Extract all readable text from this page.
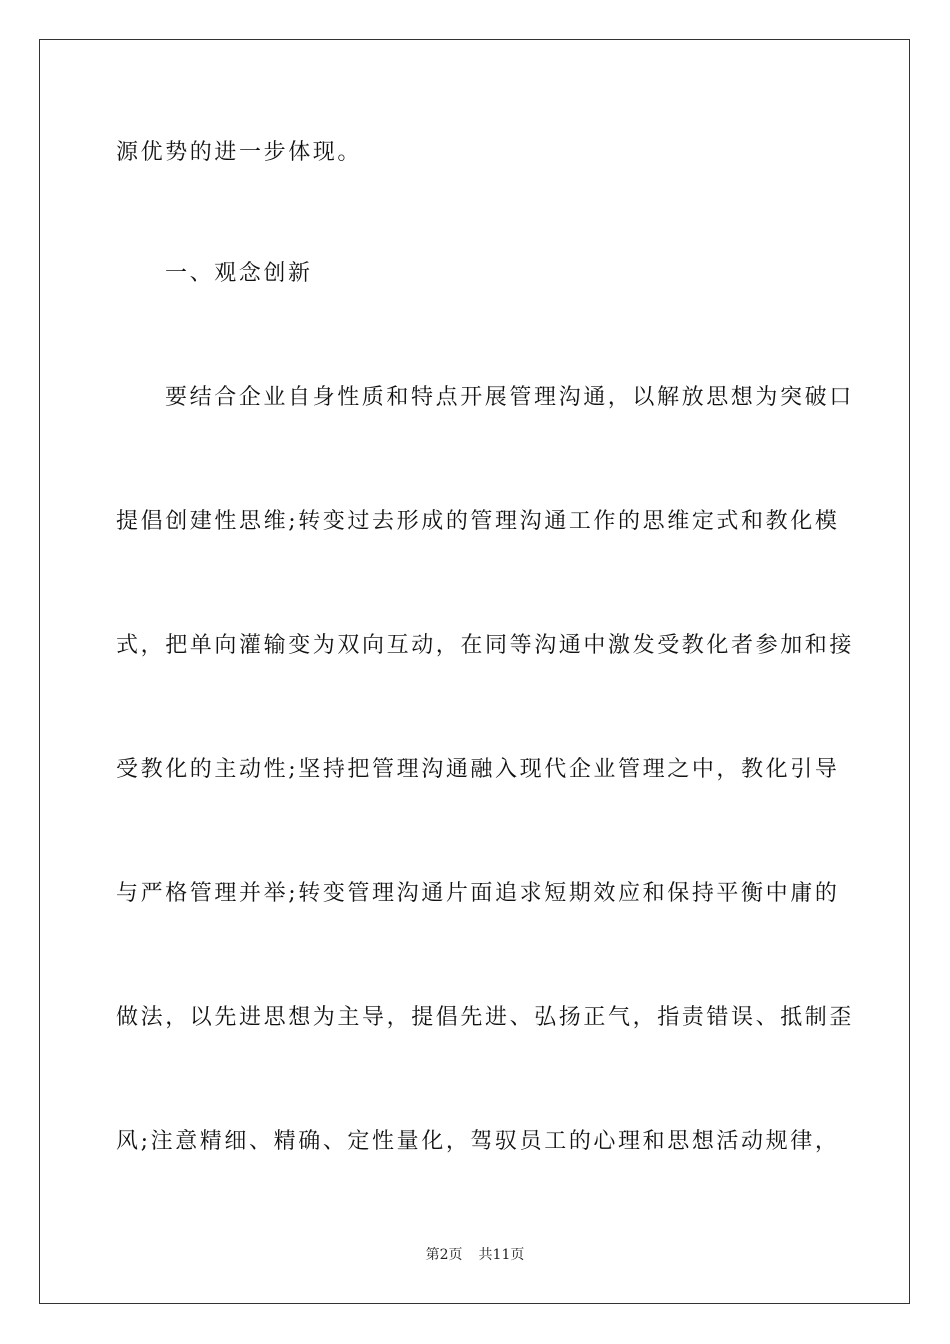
源优势的进一步体现。
一、观念创新
要结合企业自身性质和特点开展管理沟通，以解放思想为突破口
提倡创建性思维;转变过去形成的管理沟通工作的思维定式和教化模
式，把单向灌输变为双向互动，在同等沟通中激发受教化者参加和接
受教化的主动性;坚持把管理沟通融入现代企业管理之中，教化引导
与严格管理并举;转变管理沟通片面追求短期效应和保持平衡中庸的
做法，以先进思想为主导，提倡先进、弘扬正气，指责错误、抵制歪
风;注意精细、精确、定性量化，驾驭员工的心理和思想活动规律，
第2页 共11页
